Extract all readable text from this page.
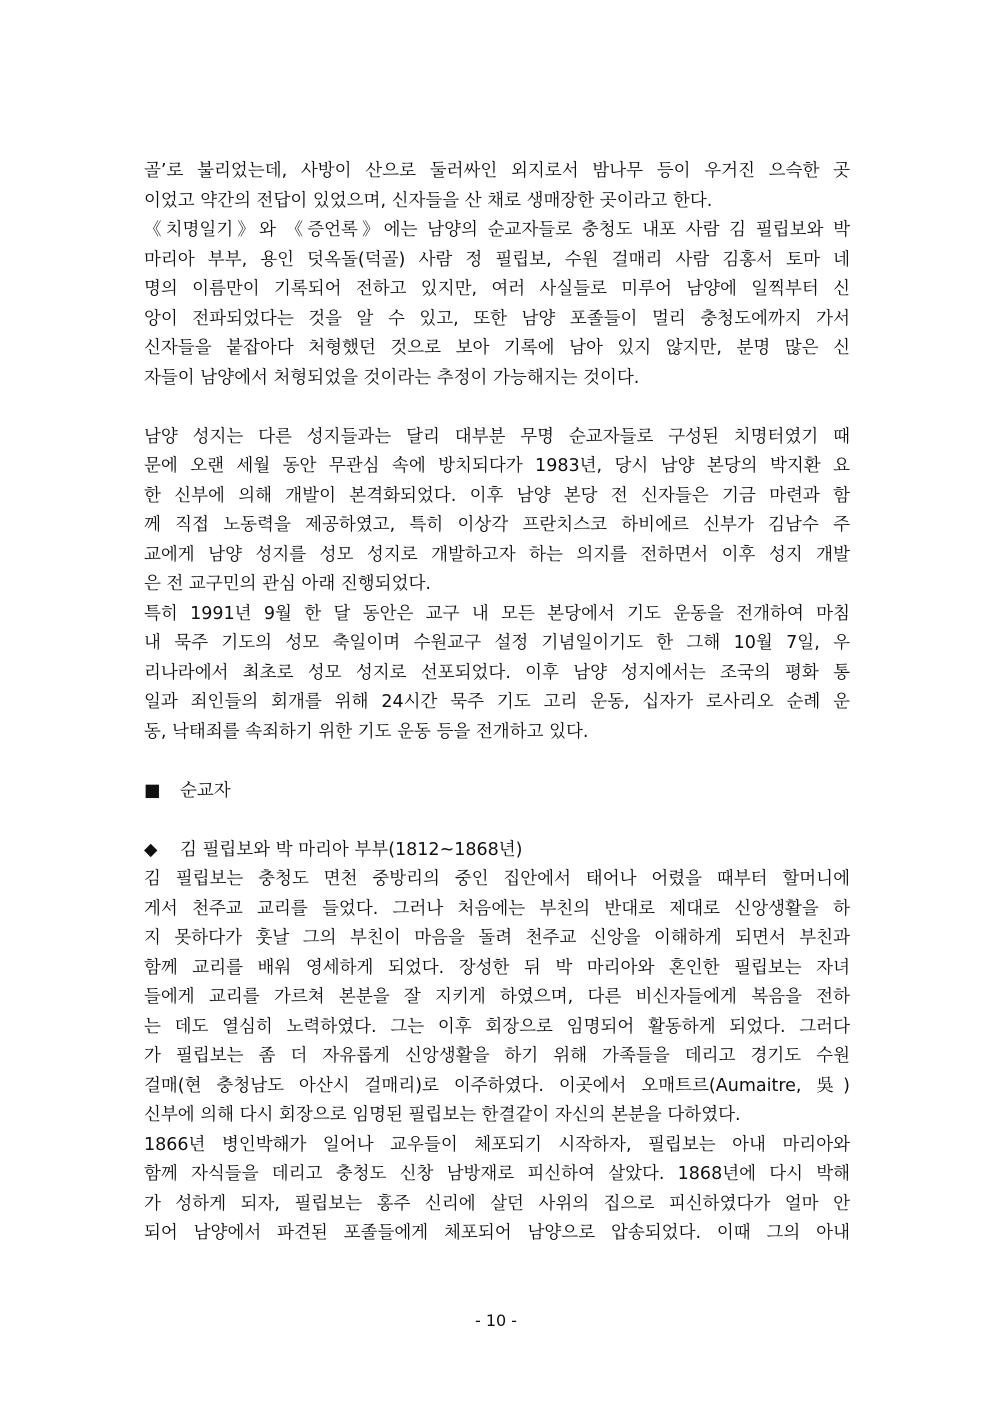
골’로 불리었는데, 사방이 산으로 둘러싸인 외지로서 밤나무 등이 우거진 으슥한 곳
이었고 약간의 전답이 있었으며, 신자들을 산 채로 생매장한 곳이라고 한다.
《치명일기》와 《증언록》에는 남양의 순교자들로 충청도 내포 사람 김 필립보와 박
마리아 부부, 용인 덧옥돌(덕골) 사람 정 필립보, 수원 걸매리 사람 김홍서 토마 네
명의 이름만이 기록되어 전하고 있지만, 여러 사실들로 미루어 남양에 일찍부터 신
앙이 전파되었다는 것을 알 수 있고, 또한 남양 포졸들이 멀리 충청도에까지 가서
신자들을 붙잡아다 처형했던 것으로 보아 기록에 남아 있지 않지만, 분명 많은 신
자들이 남양에서 처형되었을 것이라는 추정이 가능해지는 것이다.
남양 성지는 다른 성지들과는 달리 대부분 무명 순교자들로 구성된 치명터였기 때
문에 오랜 세월 동안 무관심 속에 방치되다가 1983년, 당시 남양 본당의 박지환 요
한 신부에 의해 개발이 본격화되었다. 이후 남양 본당 전 신자들은 기금 마련과 함
께 직접 노동력을 제공하였고, 특히 이상각 프란치스코 하비에르 신부가 김남수 주
교에게 남양 성지를 성모 성지로 개발하고자 하는 의지를 전하면서 이후 성지 개발
은 전 교구민의 관심 아래 진행되었다.
특히 1991년 9월 한 달 동안은 교구 내 모든 본당에서 기도 운동을 전개하여 마침
내 묵주 기도의 성모 축일이며 수원교구 설정 기념일이기도 한 그해 10월 7일, 우
리나라에서 최초로 성모 성지로 선포되었다. 이후 남양 성지에서는 조국의 평화 통
일과 죄인들의 회개를 위해 24시간 묵주 기도 고리 운동, 십자가 로사리오 순례 운
동, 낙태죄를 속죄하기 위한 기도 운동 등을 전개하고 있다.
■ 순교자
◆ 김 필립보와 박 마리아 부부(1812~1868년)
김 필립보는 충청도 면천 중방리의 중인 집안에서 태어나 어렸을 때부터 할머니에
게서 천주교 교리를 들었다. 그러나 처음에는 부친의 반대로 제대로 신앙생활을 하
지 못하다가 훗날 그의 부친이 마음을 돌려 천주교 신앙을 이해하게 되면서 부친과
함께 교리를 배워 영세하게 되었다. 장성한 뒤 박 마리아와 혼인한 필립보는 자녀
들에게 교리를 가르쳐 본분을 잘 지키게 하였으며, 다른 비신자들에게 복음을 전하
는 데도 열심히 노력하였다. 그는 이후 회장으로 임명되어 활동하게 되었다. 그러다
가 필립보는 좀 더 자유롭게 신앙생활을 하기 위해 가족들을 데리고 경기도 수원
걸매(현 충청남도 아산시 걸매리)로 이주하였다. 이곳에서 오매트르(Aumaitre, 吳)
신부에 의해 다시 회장으로 임명된 필립보는 한결같이 자신의 본분을 다하였다.
1866년 병인박해가 일어나 교우들이 체포되기 시작하자, 필립보는 아내 마리아와
함께 자식들을 데리고 충청도 신창 남방재로 피신하여 살았다. 1868년에 다시 박해
가 성하게 되자, 필립보는 홍주 신리에 살던 사위의 집으로 피신하였다가 얼마 안
되어 남양에서 파견된 포졸들에게 체포되어 남양으로 압송되었다. 이때 그의 아내
- 10 -
